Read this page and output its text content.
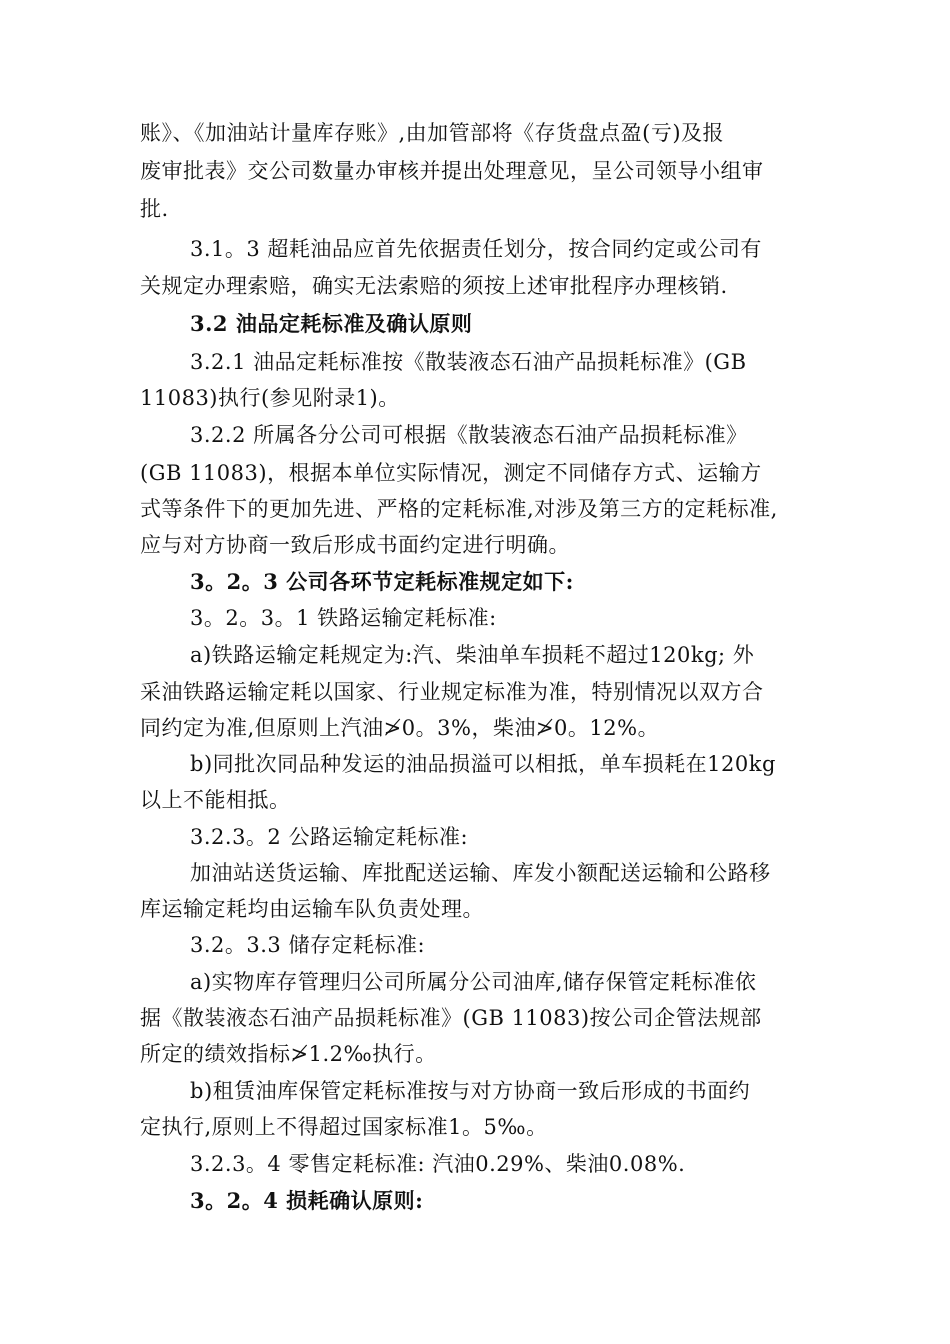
账》、《加油站计量库存账》,由加管部将《存货盘点盈(亏)及报
废审批表》交公司数量办审核并提出处理意见，呈公司领导小组审
批.
3.1。3 超耗油品应首先依据责任划分，按合同约定或公司有
关规定办理索赔，确实无法索赔的须按上述审批程序办理核销.
3.2 油品定耗标准及确认原则
3.2.1 油品定耗标准按《散装液态石油产品损耗标准》(GB
11083)执行(参见附录1)。
3.2.2 所属各分公司可根据《散装液态石油产品损耗标准》
(GB 11083)，根据本单位实际情况，测定不同储存方式、运输方
式等条件下的更加先进、严格的定耗标准,对涉及第三方的定耗标准,
应与对方协商一致后形成书面约定进行明确。
3。2。3 公司各环节定耗标准规定如下:
3。2。3。1 铁路运输定耗标准:
a)铁路运输定耗规定为:汽、柴油单车损耗不超过120kg; 外
采油铁路运输定耗以国家、行业规定标准为准，特别情况以双方合
同约定为准,但原则上汽油≯0。3%，柴油≯0。12%。
b)同批次同品种发运的油品损溢可以相抵，单车损耗在120kg
以上不能相抵。
3.2.3。2 公路运输定耗标准:
加油站送货运输、库批配送运输、库发小额配送运输和公路移
库运输定耗均由运输车队负责处理。
3.2。3.3 储存定耗标准:
a)实物库存管理归公司所属分公司油库,储存保管定耗标准依
据《散装液态石油产品损耗标准》(GB 11083)按公司企管法规部
所定的绩效指标≯1.2‰执行。
b)租赁油库保管定耗标准按与对方协商一致后形成的书面约
定执行,原则上不得超过国家标准1。5‰。
3.2.3。4 零售定耗标准: 汽油0.29%、柴油0.08%.
3。2。4 损耗确认原则:
